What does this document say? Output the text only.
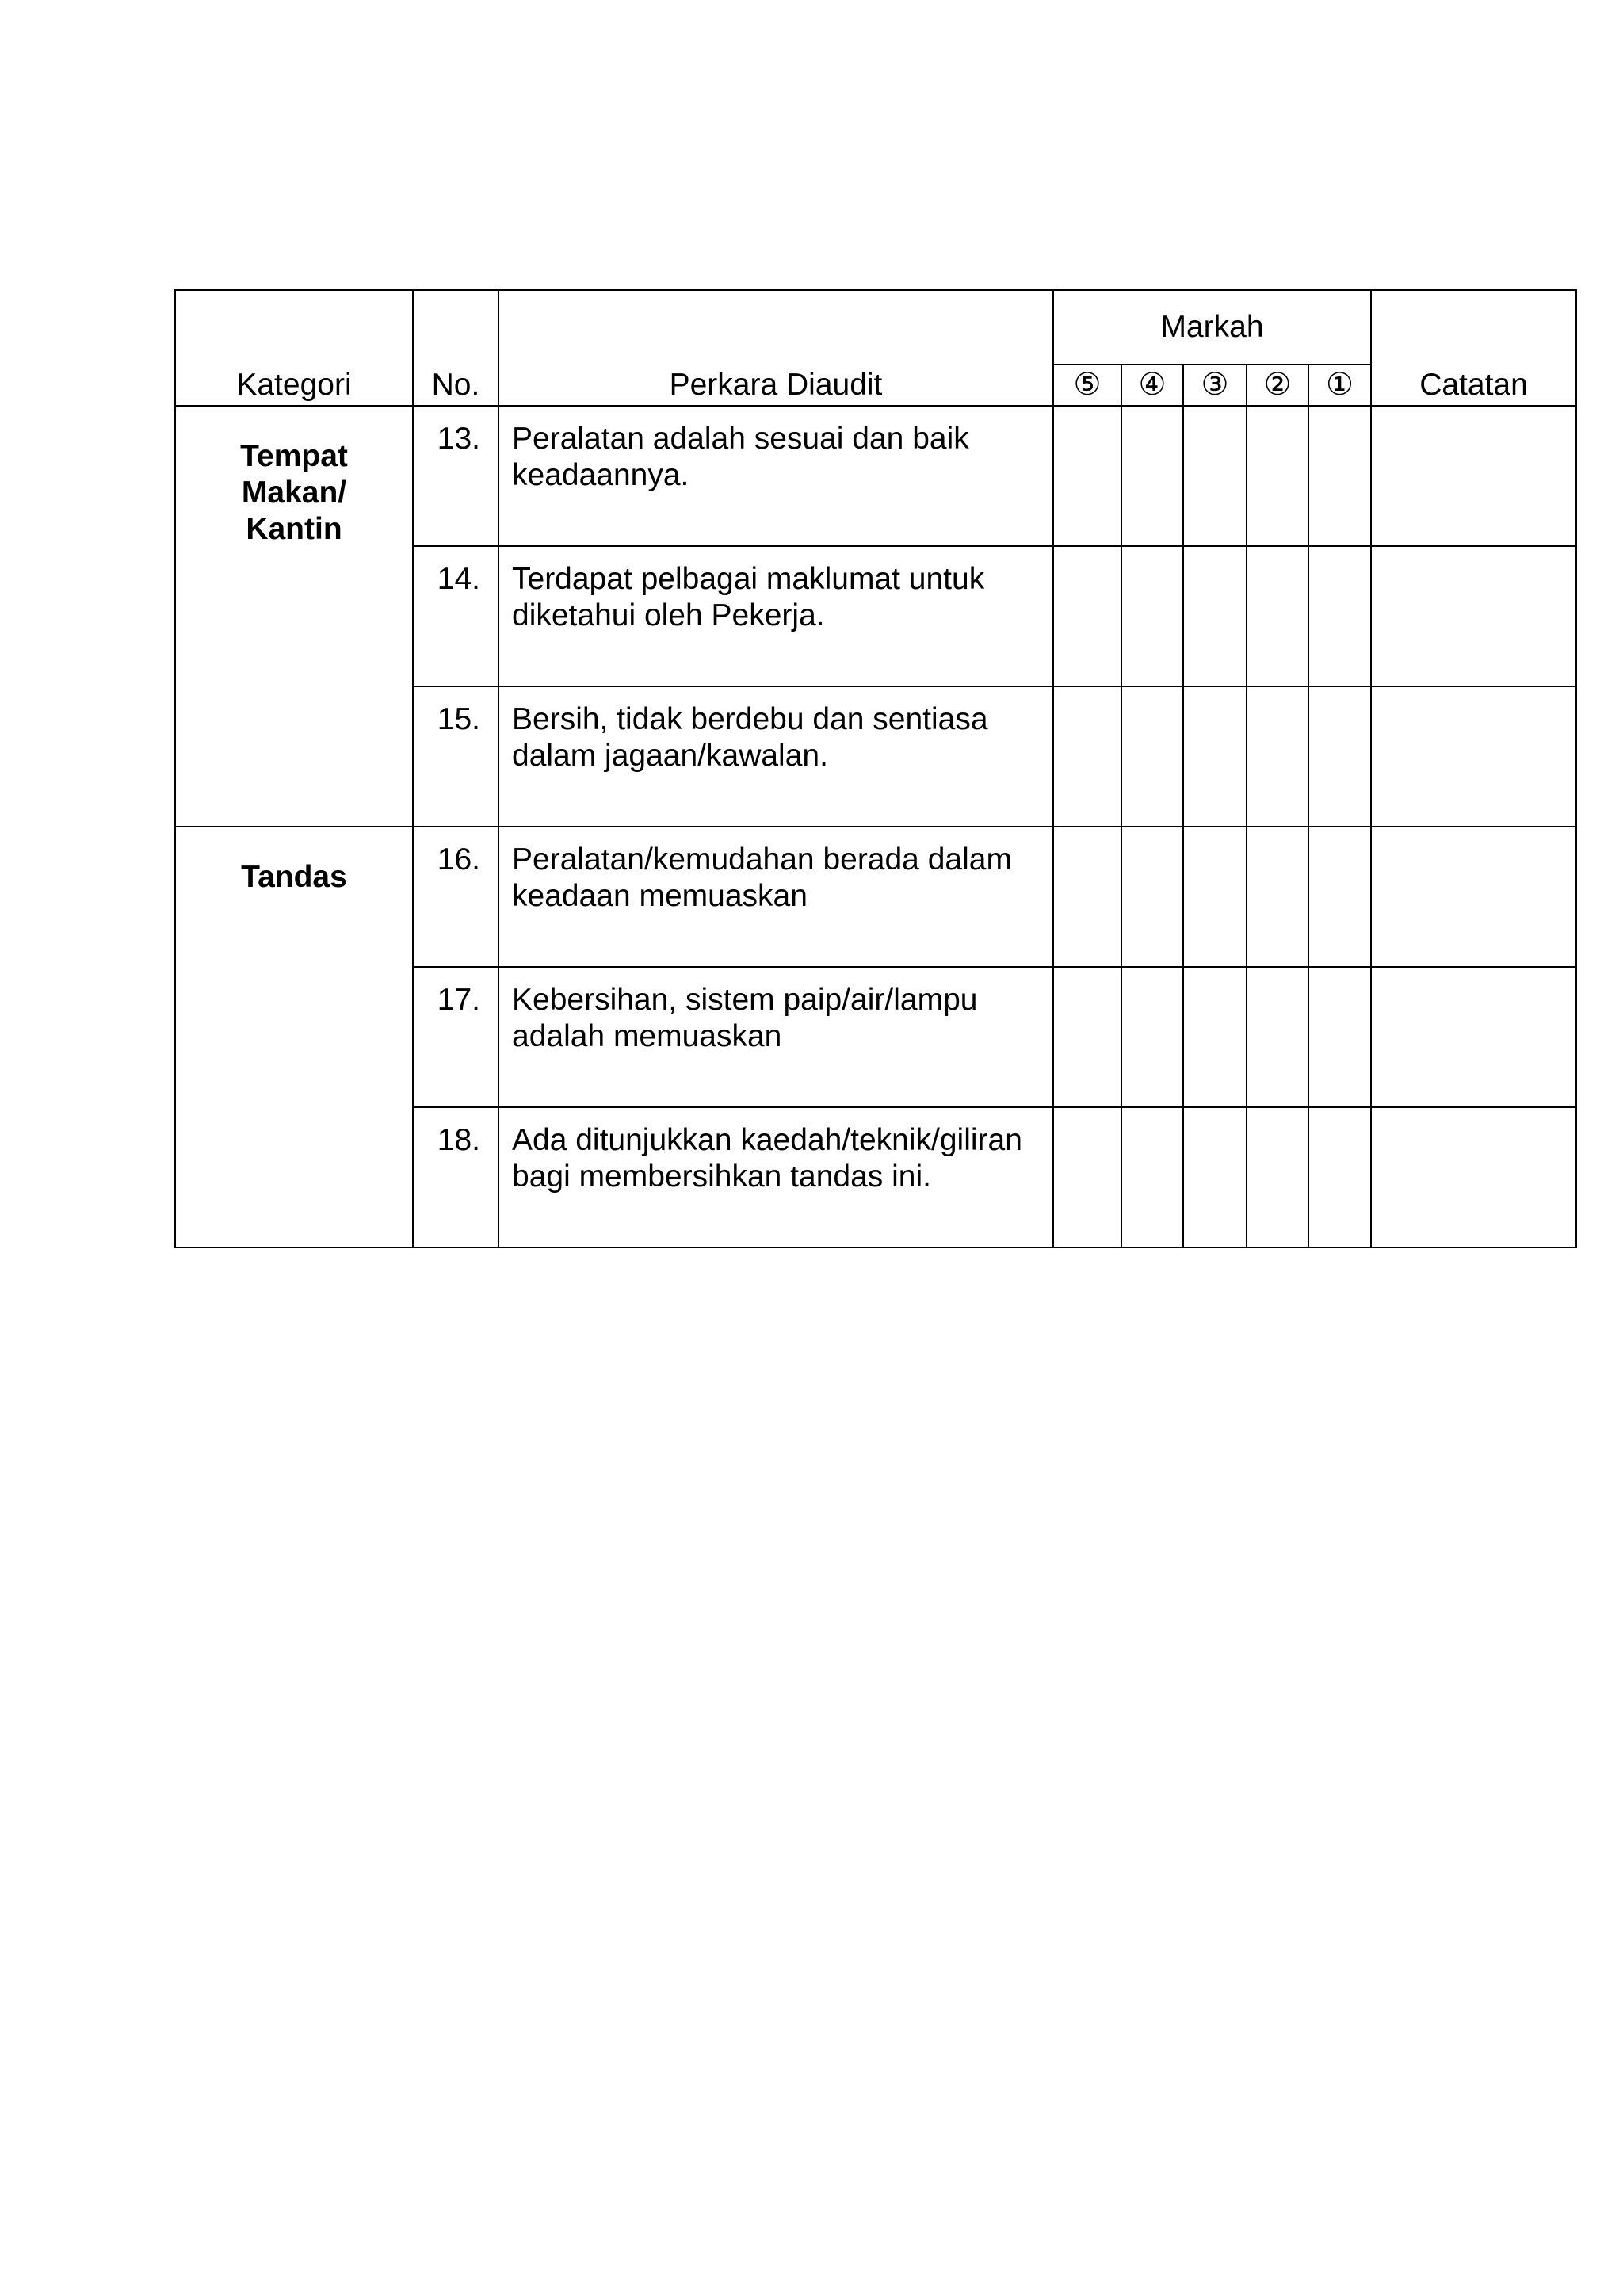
Kategori	No.	Perkara Diaudit	Markah					Catatan
			⑤	④	③	②	①	

Tempat
Makan/
Kantin	13.	Peralatan adalah sesuai dan baik
keadaannya.						

	14.	Terdapat pelbagai maklumat untuk
diketahui oleh Pekerja.						

	15.	Bersih, tidak berdebu dan sentiasa
dalam jagaan/kawalan.						

Tandas	16.	Peralatan/kemudahan berada dalam
keadaan memuaskan						

	17.	Kebersihan, sistem paip/air/lampu
adalah memuaskan						

	18.	Ada ditunjukkan kaedah/teknik/giliran
bagi membersihkan tandas ini.						
